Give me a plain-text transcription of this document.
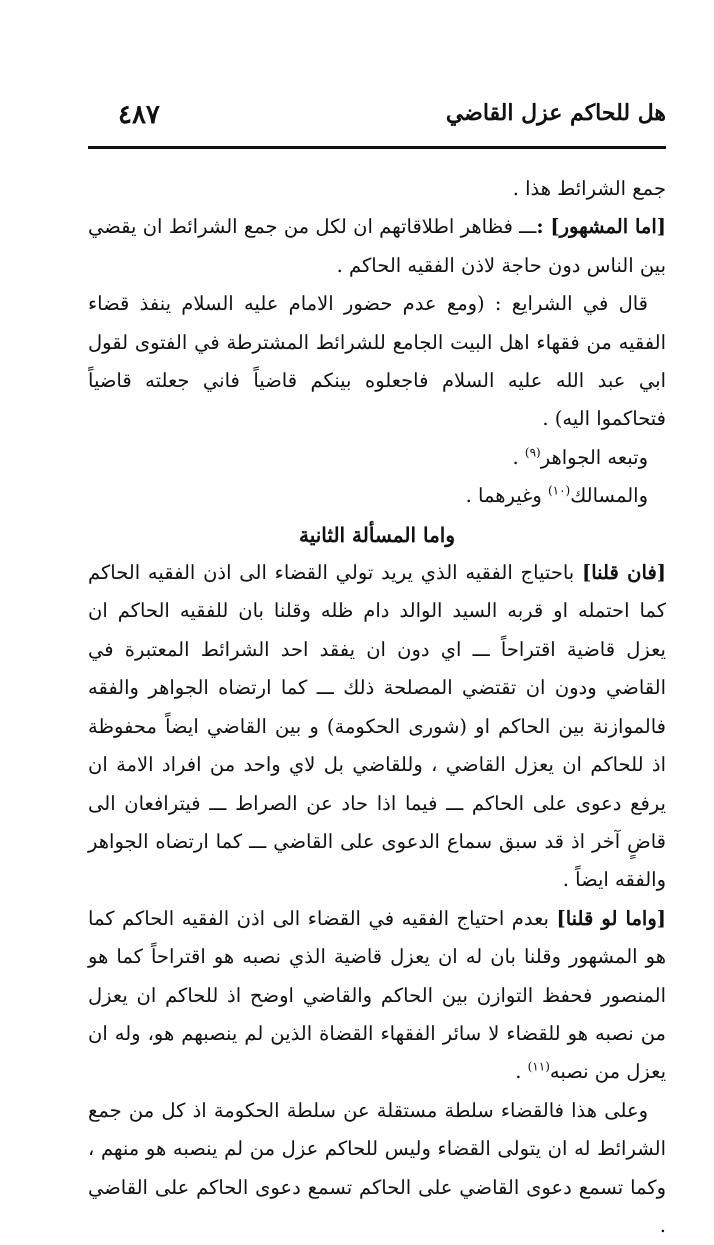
هل للحاكم عزل القاضي
٤٨٧

جمع الشرائط هذا .

[اما المشهور] :ـــ فظاهر اطلاقاتهم ان لكل من جمع الشرائط ان يقضي بين الناس دون حاجة لاذن الفقيه الحاكم .

قال في الشرايع : (ومع عدم حضور الامام عليه السلام ينفذ قضاء الفقيه من فقهاء اهل البيت الجامع للشرائط المشترطة في الفتوى لقول ابي عبد الله عليه السلام فاجعلوه بينكم قاضياً فاني جعلته قاضياً فتحاكموا اليه) .

وتبعه الجواهر$^{(٩)}$ .

والمسالك$^{(١٠)}$ وغيرهما .

واما المسألة الثانية

[فان قلنا] باحتياج الفقيه الذي يريد تولي القضاء الى اذن الفقيه الحاكم كما احتمله او قربه السيد الوالد دام ظله وقلنا بان للفقيه الحاكم ان يعزل قاضية اقتراحاً ـــ اي دون ان يفقد احد الشرائط المعتبرة في القاضي ودون ان تقتضي المصلحة ذلك ـــ كما ارتضاه الجواهر والفقه فالموازنة بين الحاكم او (شورى الحكومة) و بين القاضي ايضاً محفوظة اذ للحاكم ان يعزل القاضي ، وللقاضي بل لاي واحد من افراد الامة ان يرفع دعوى على الحاكم ـــ فيما اذا حاد عن الصراط ـــ فيترافعان الى قاضٍ آخر اذ قد سبق سماع الدعوى على القاضي ـــ كما ارتضاه الجواهر والفقه ايضاً .

[واما لو قلنا] بعدم احتياج الفقيه في القضاء الى اذن الفقيه الحاكم كما هو المشهور وقلنا بان له ان يعزل قاضية الذي نصبه هو اقتراحاً كما هو المنصور فحفظ التوازن بين الحاكم والقاضي اوضح اذ للحاكم ان يعزل من نصبه هو للقضاء لا سائر الفقهاء القضاة الذين لم ينصبهم هو، وله ان يعزل من نصبه$^{(١١)}$ .

وعلى هذا فالقضاء سلطة مستقلة عن سلطة الحكومة اذ كل من جمع الشرائط له ان يتولى القضاء وليس للحاكم عزل من لم ينصبه هو منهم ، وكما تسمع دعوى القاضي على الحاكم تسمع دعوى الحاكم على القاضي .
